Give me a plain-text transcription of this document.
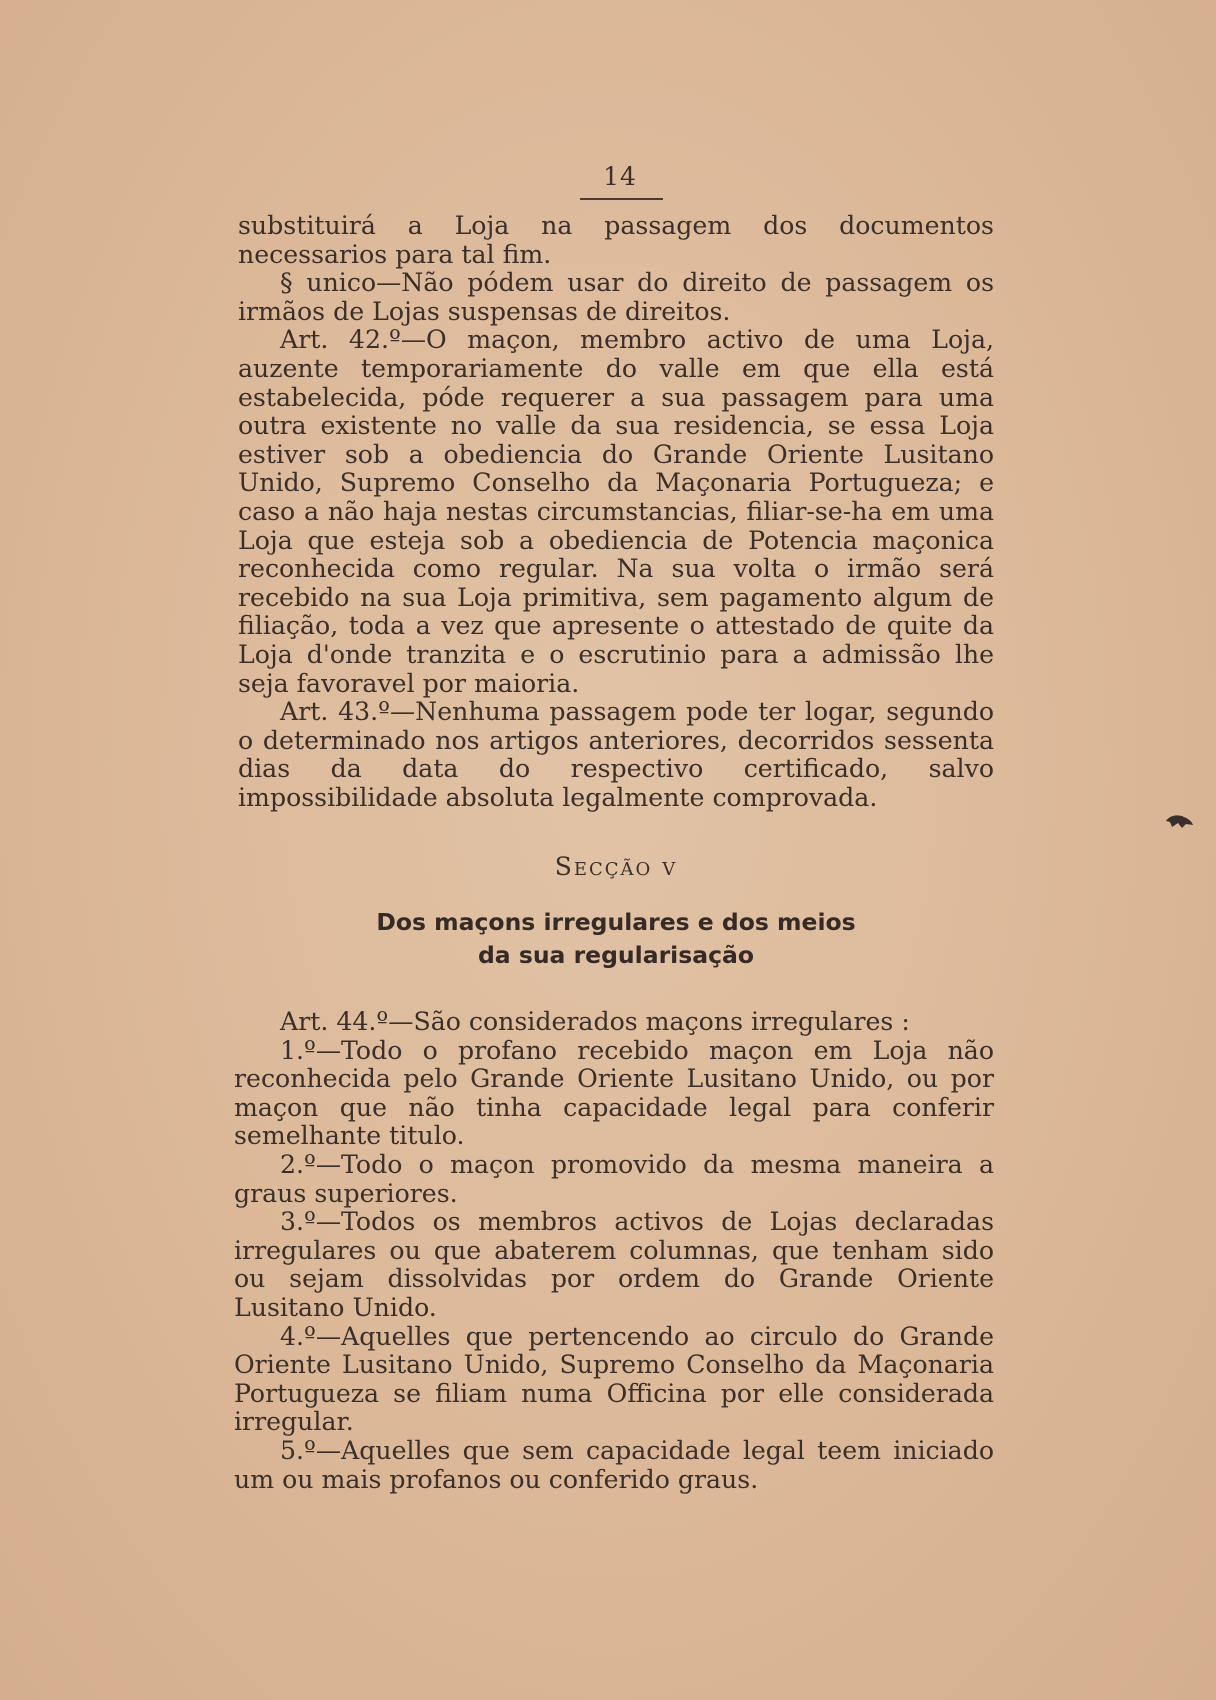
14

substituirá a Loja na passagem dos documentos necessarios para tal fim.

§ unico—Não pódem usar do direito de passagem os irmãos de Lojas suspensas de direitos.

Art. 42.º—O maçon, membro activo de uma Loja, auzente temporariamente do valle em que ella está estabelecida, póde requerer a sua passagem para uma outra existente no valle da sua residencia, se essa Loja estiver sob a obediencia do Grande Oriente Lusitano Unido, Supremo Conselho da Maçonaria Portugueza; e caso a não haja nestas circumstancias, filiar-se-ha em uma Loja que esteja sob a obediencia de Potencia maçonica reconhecida como regular. Na sua volta o irmão será recebido na sua Loja primitiva, sem pagamento algum de filiação, toda a vez que apresente o attestado de quite da Loja d'onde tranzita e o escrutinio para a admissão lhe seja favoravel por maioria.

Art. 43.º—Nenhuma passagem pode ter logar, segundo o determinado nos artigos anteriores, decorridos sessenta dias da data do respectivo certificado, salvo impossibilidade absoluta legalmente comprovada.

Secção v
Dos maçons irregulares e dos meios
da sua regularisação

Art. 44.º—São considerados maçons irregulares :

1.º—Todo o profano recebido maçon em Loja não reconhecida pelo Grande Oriente Lusitano Unido, ou por maçon que não tinha capacidade legal para conferir semelhante titulo.

2.º—Todo o maçon promovido da mesma maneira a graus superiores.

3.º—Todos os membros activos de Lojas declaradas irregulares ou que abaterem columnas, que tenham sido ou sejam dissolvidas por ordem do Grande Oriente Lusitano Unido.

4.º—Aquelles que pertencendo ao circulo do Grande Oriente Lusitano Unido, Supremo Conselho da Maçonaria Portugueza se filiam numa Officina por elle considerada irregular.

5.º—Aquelles que sem capacidade legal teem iniciado um ou mais profanos ou conferido graus.
